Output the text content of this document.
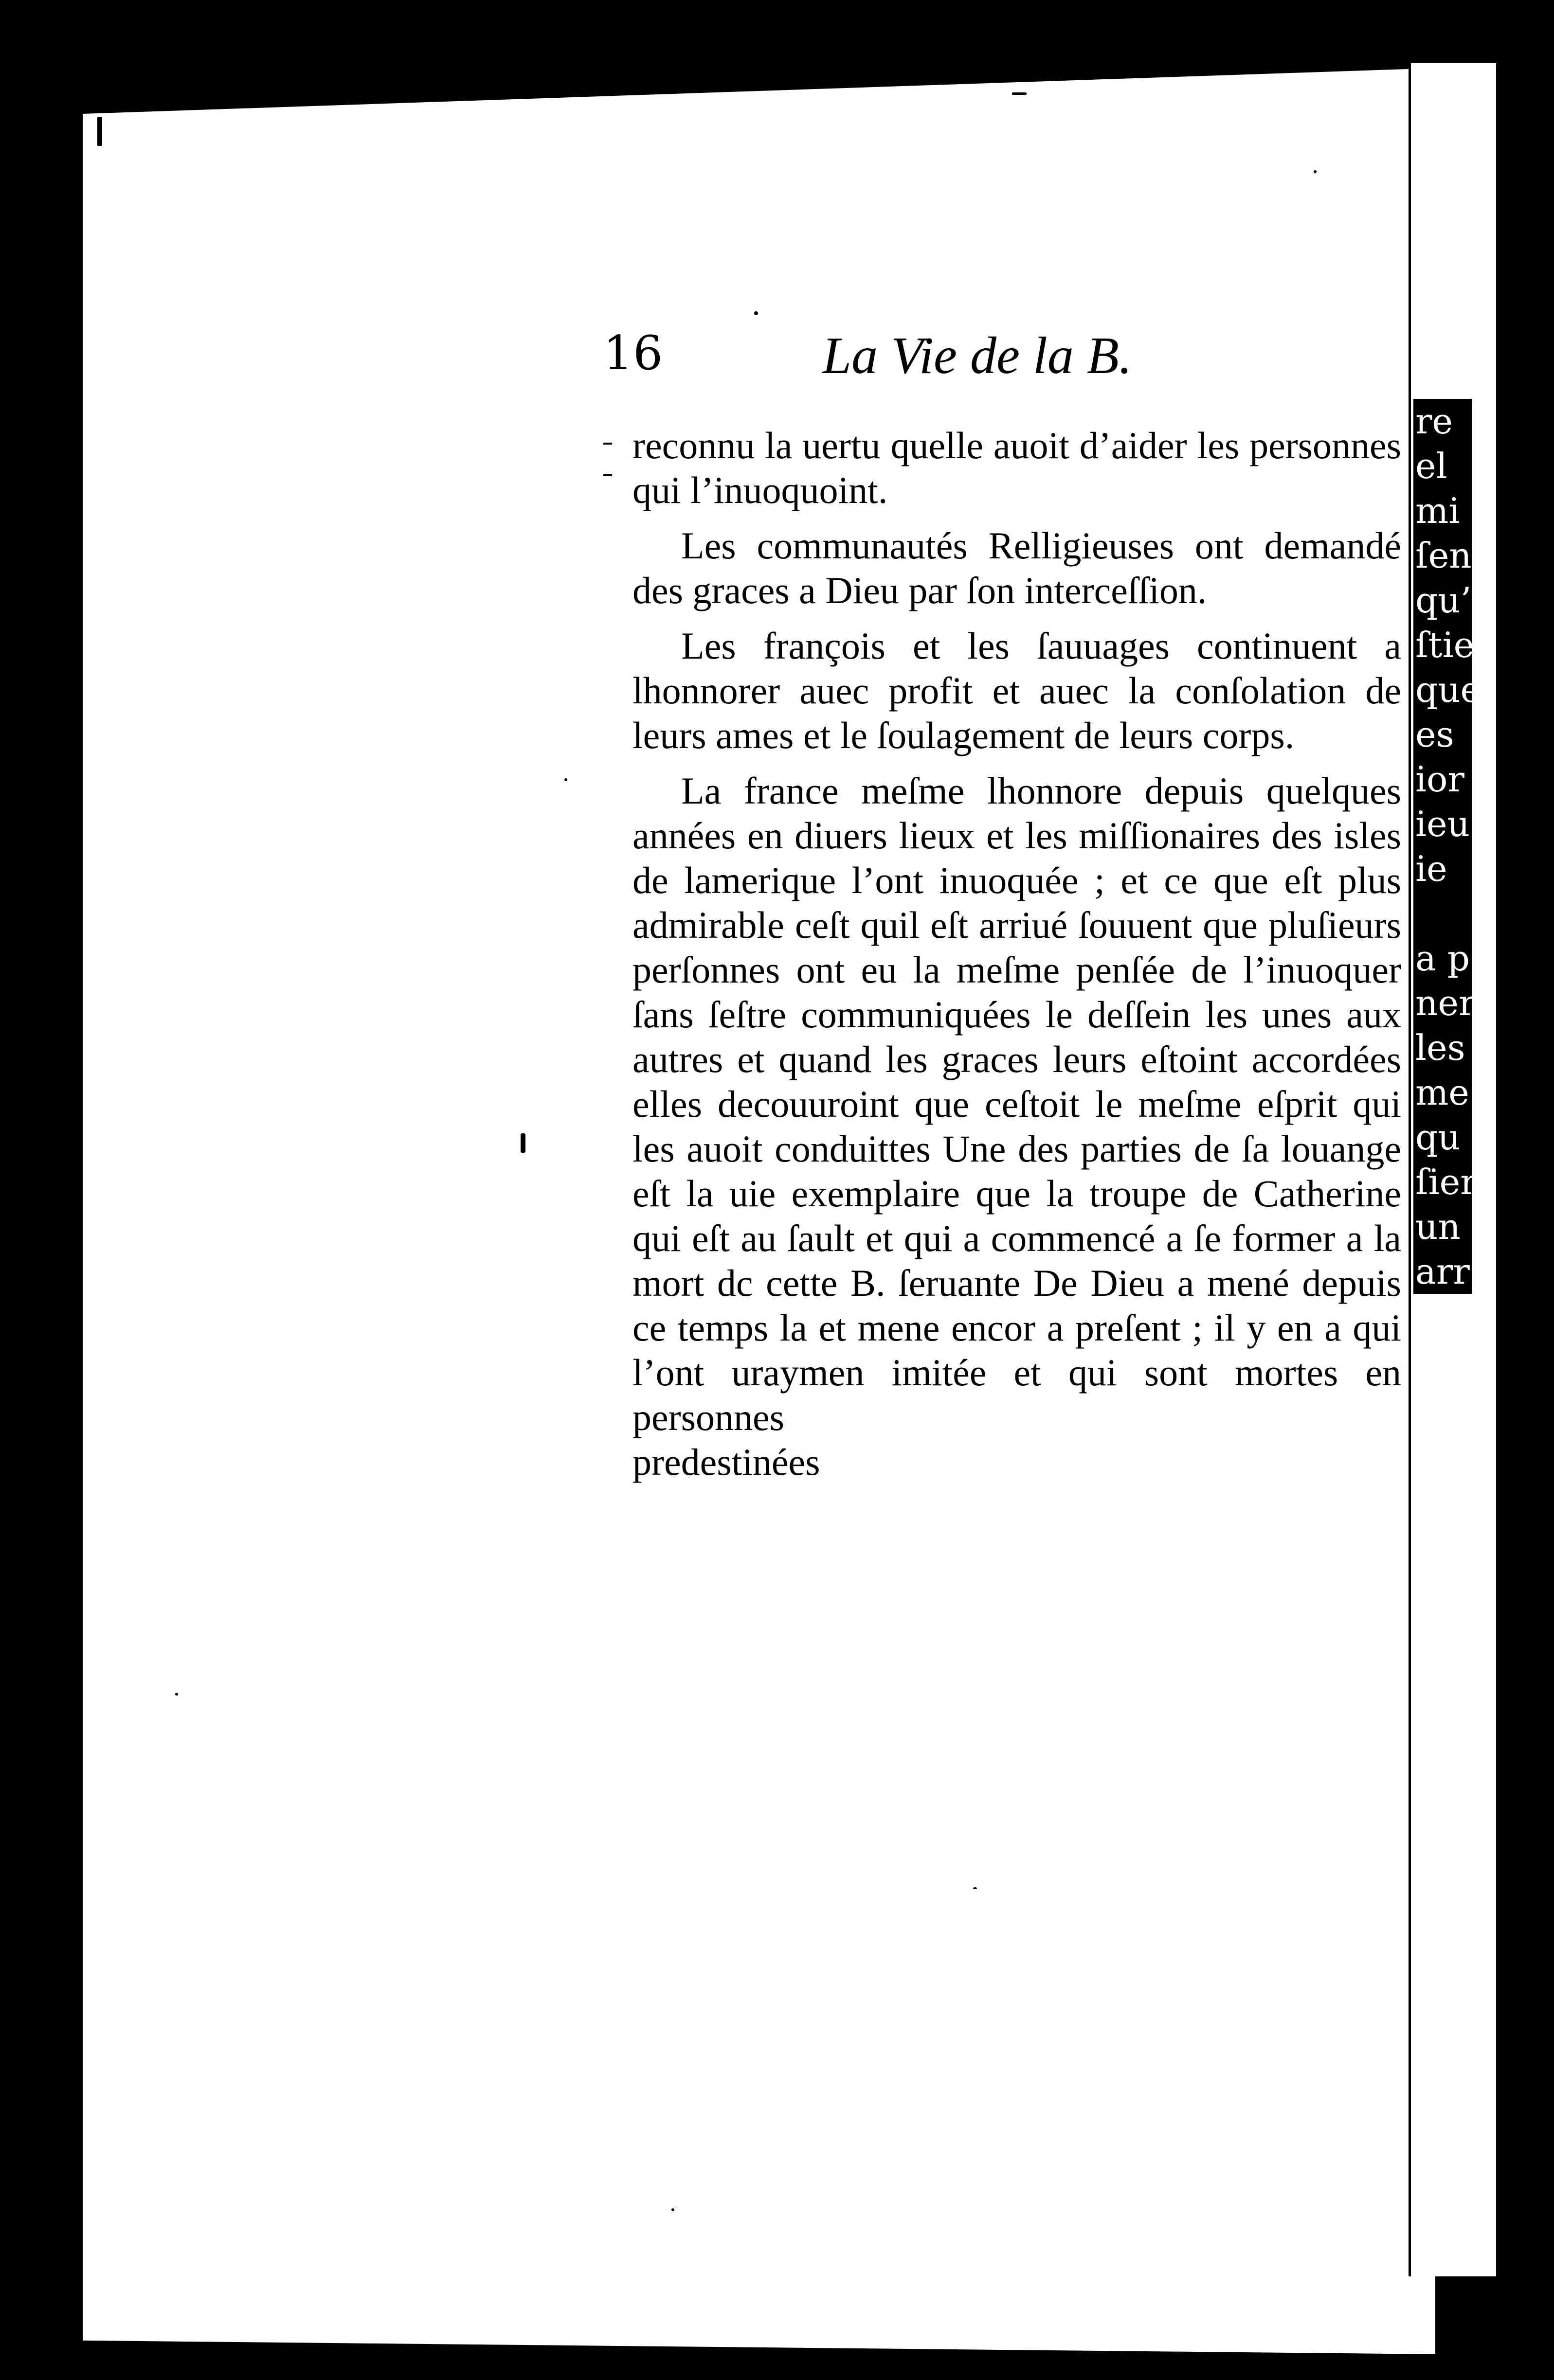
re
el
mi
ſen
qu’
ſtie
que
es
ior
ieu
ie

a p
ner
les
me
qu
ſier
un
arr
16	La Vie de la B.

reconnu la uertu quelle auoit d’aider les personnes qui l’inuoquoint.

Les communautés Relligieuses ont demandé des graces a Dieu par ſon interceſſion.

Les françois et les ſauuages continuent a lhonnorer auec profit et auec la conſolation de leurs ames et le ſoulagement de leurs corps.

La france meſme lhonnore depuis quelques années en diuers lieux et les miſſionaires des isles de lamerique l’ont inuoquée ; et ce que eſt plus admirable ceſt quil eſt arriué ſouuent que pluſieurs perſonnes ont eu la meſme penſée de l’inuoquer ſans ſeſtre communiquées le deſſein les unes aux autres et quand les graces leurs eſtoint accordées elles decouuroint que ceſtoit le meſme eſprit qui les auoit conduittes Une des parties de ſa louange eſt la uie exemplaire que la troupe de Catherine qui eſt au ſault et qui a commencé a ſe former a la mort dc cette B. ſeruante De Dieu a mené depuis ce temps la et mene encor a preſent ; il y en a qui l’ont uraymen imitée et qui sont mortes en personnes

predestinées
